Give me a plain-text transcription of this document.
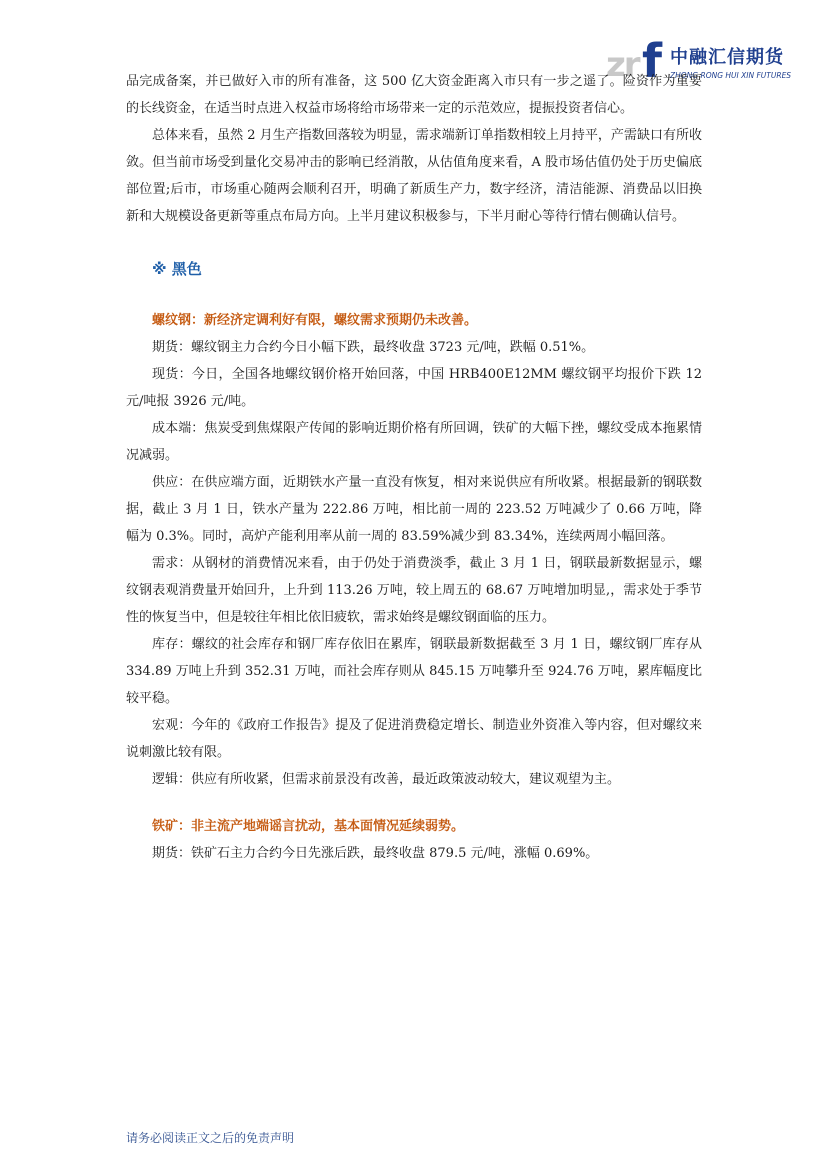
zr f 中融汇信期货
ZHONG RONG HUI XIN FUTURES

品完成备案，并已做好入市的所有准备，这 500 亿大资金距离入市只有一步之遥了。险资作为重要的长线资金，在适当时点进入权益市场将给市场带来一定的示范效应，提振投资者信心。

总体来看，虽然 2 月生产指数回落较为明显，需求端新订单指数相较上月持平，产需缺口有所收敛。但当前市场受到量化交易冲击的影响已经消散，从估值角度来看，A 股市场估值仍处于历史偏底部位置;后市，市场重心随两会顺利召开，明确了新质生产力，数字经济，清洁能源、消费品以旧换新和大规模设备更新等重点布局方向。上半月建议积极参与，下半月耐心等待行情右侧确认信号。

※ 黑色
螺纹钢：新经济定调利好有限，螺纹需求预期仍未改善。

期货：螺纹钢主力合约今日小幅下跌，最终收盘 3723 元/吨，跌幅 0.51%。

现货：今日，全国各地螺纹钢价格开始回落，中国 HRB400E12MM 螺纹钢平均报价下跌 12 元/吨报 3926 元/吨。

成本端：焦炭受到焦煤限产传闻的影响近期价格有所回调，铁矿的大幅下挫，螺纹受成本拖累情况减弱。

供应：在供应端方面，近期铁水产量一直没有恢复，相对来说供应有所收紧。根据最新的钢联数据，截止 3 月 1 日，铁水产量为 222.86 万吨，相比前一周的 223.52 万吨减少了 0.66 万吨，降幅为 0.3%。同时，高炉产能利用率从前一周的 83.59%减少到 83.34%，连续两周小幅回落。

需求：从钢材的消费情况来看，由于仍处于消费淡季，截止 3 月 1 日，钢联最新数据显示，螺纹钢表观消费量开始回升，上升到 113.26 万吨，较上周五的 68.67 万吨增加明显,，需求处于季节性的恢复当中，但是较往年相比依旧疲软，需求始终是螺纹钢面临的压力。

库存：螺纹的社会库存和钢厂库存依旧在累库，钢联最新数据截至 3 月 1 日，螺纹钢厂库存从 334.89 万吨上升到 352.31 万吨，而社会库存则从 845.15 万吨攀升至 924.76 万吨，累库幅度比较平稳。

宏观：今年的《政府工作报告》提及了促进消费稳定增长、制造业外资准入等内容，但对螺纹来说刺激比较有限。

逻辑：供应有所收紧，但需求前景没有改善，最近政策波动较大，建议观望为主。

铁矿：非主流产地端谣言扰动，基本面情况延续弱势。

期货：铁矿石主力合约今日先涨后跌，最终收盘 879.5 元/吨，涨幅 0.69%。

请务必阅读正文之后的免责声明
